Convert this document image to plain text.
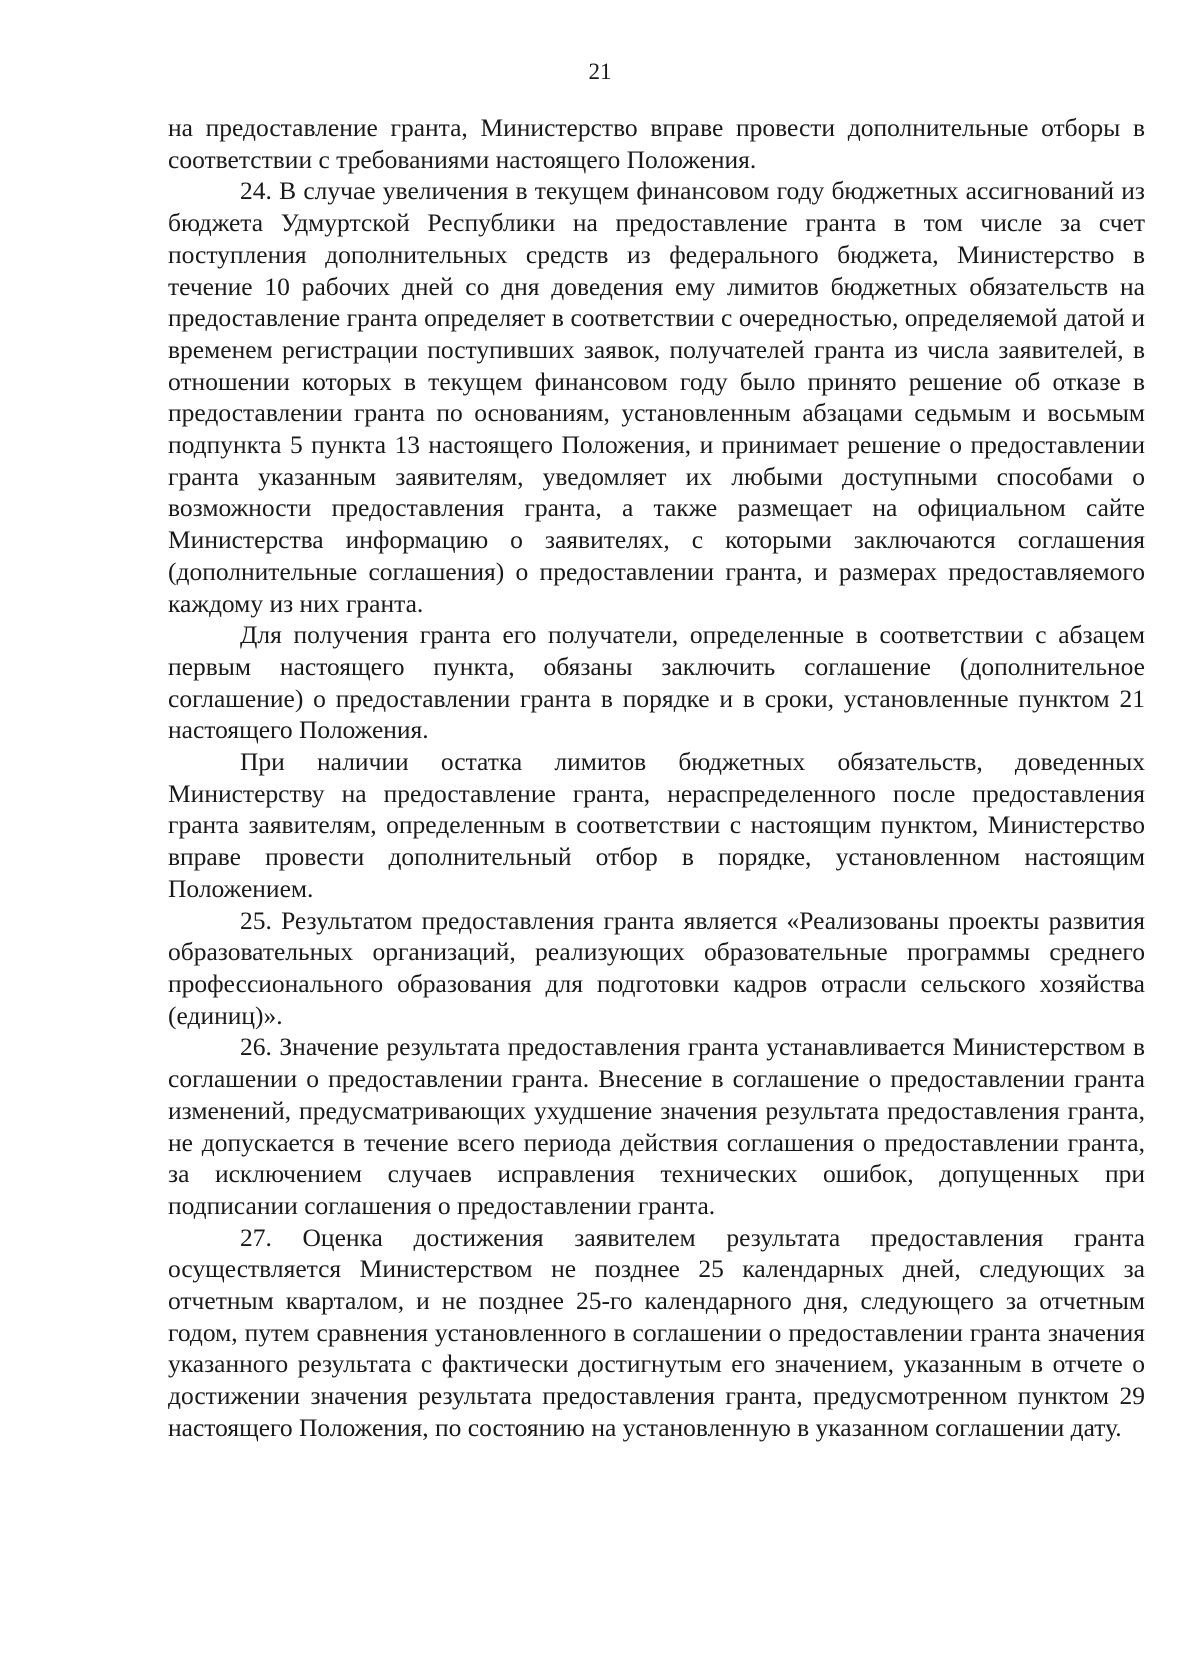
21

на предоставление гранта, Министерство вправе провести дополнительные отборы в соответствии с требованиями настоящего Положения.

24. В случае увеличения в текущем финансовом году бюджетных ассигнований из бюджета Удмуртской Республики на предоставление гранта в том числе за счет поступления дополнительных средств из федерального бюджета, Министерство в течение 10 рабочих дней со дня доведения ему лимитов бюджетных обязательств на предоставление гранта определяет в соответствии с очередностью, определяемой датой и временем регистрации поступивших заявок, получателей гранта из числа заявителей, в отношении которых в текущем финансовом году было принято решение об отказе в предоставлении гранта по основаниям, установленным абзацами седьмым и восьмым подпункта 5 пункта 13 настоящего Положения, и принимает решение о предоставлении гранта указанным заявителям, уведомляет их любыми доступными способами о возможности предоставления гранта, а также размещает на официальном сайте Министерства информацию о заявителях, с которыми заключаются соглашения (дополнительные соглашения) о предоставлении гранта, и размерах предоставляемого каждому из них гранта.

Для получения гранта его получатели, определенные в соответствии с абзацем первым настоящего пункта, обязаны заключить соглашение (дополнительное соглашение) о предоставлении гранта в порядке и в сроки, установленные пунктом 21 настоящего Положения.

При наличии остатка лимитов бюджетных обязательств, доведенных Министерству на предоставление гранта, нераспределенного после предоставления гранта заявителям, определенным в соответствии с настоящим пунктом, Министерство вправе провести дополнительный отбор в порядке, установленном настоящим Положением.

25. Результатом предоставления гранта является «Реализованы проекты развития образовательных организаций, реализующих образовательные программы среднего профессионального образования для подготовки кадров отрасли сельского хозяйства (единиц)».

26. Значение результата предоставления гранта устанавливается Министерством в соглашении о предоставлении гранта. Внесение в соглашение о предоставлении гранта изменений, предусматривающих ухудшение значения результата предоставления гранта, не допускается в течение всего периода действия соглашения о предоставлении гранта, за исключением случаев исправления технических ошибок, допущенных при подписании соглашения о предоставлении гранта.

27. Оценка достижения заявителем результата предоставления гранта осуществляется Министерством не позднее 25 календарных дней, следующих за отчетным кварталом, и не позднее 25-го календарного дня, следующего за отчетным годом, путем сравнения установленного в соглашении о предоставлении гранта значения указанного результата с фактически достигнутым его значением, указанным в отчете о достижении значения результата предоставления гранта, предусмотренном пунктом 29 настоящего Положения, по состоянию на установленную в указанном соглашении дату.
